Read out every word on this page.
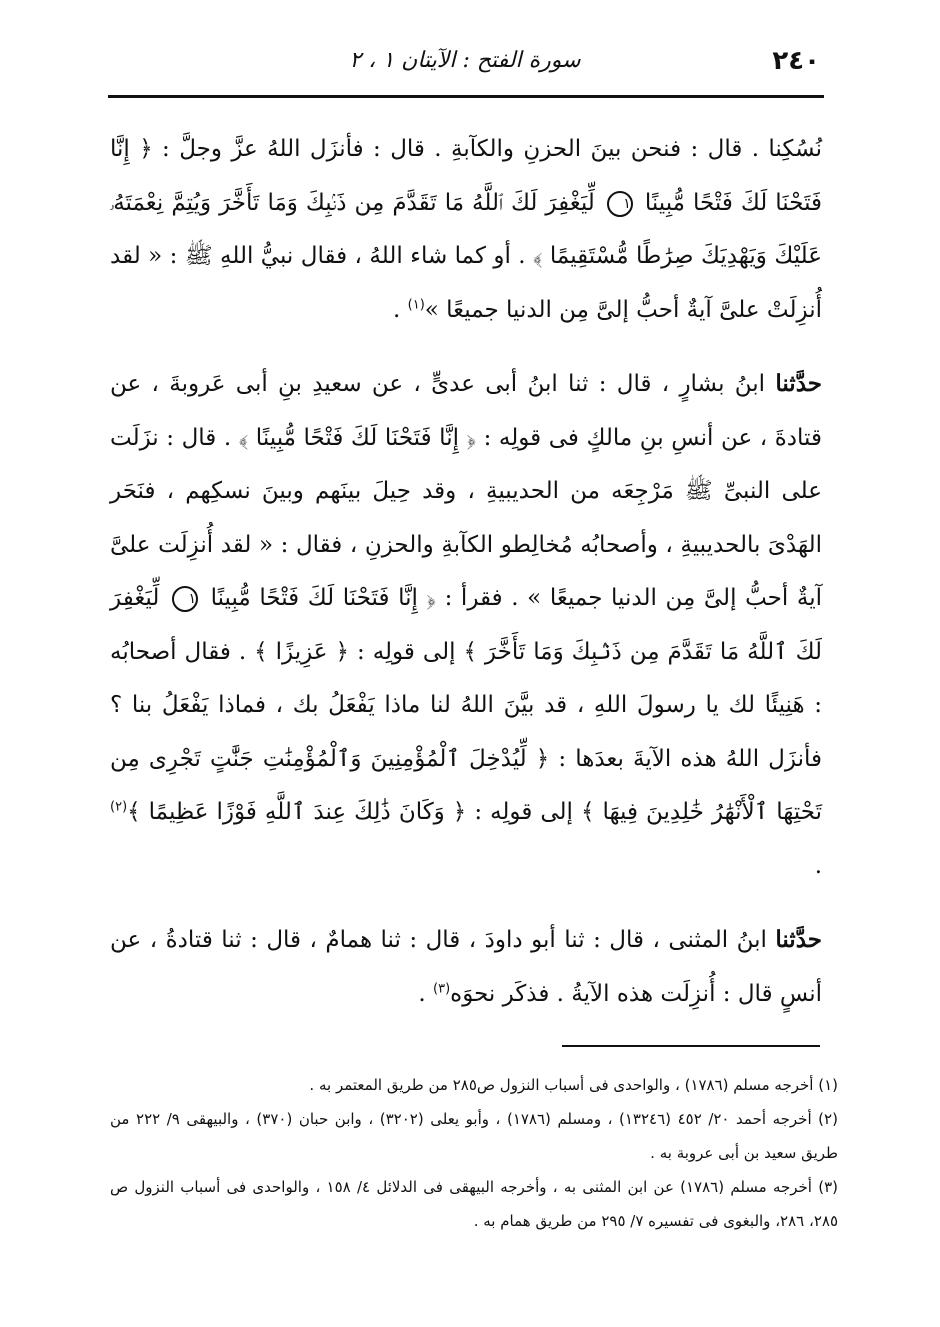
٢٤٠
سورة الفتح : الآيتان ١ ، ٢

نُسُكِنا . قال : فنحن بينَ الحزنِ والكآبةِ . قال : فأنزَل اللهُ عزَّ وجلَّ : ﴿ إِنَّا فَتَحْنَا لَكَ فَتْحًا مُّبِينًا ١ لِّيَغْفِرَ لَكَ ٱللَّهُ مَا تَقَدَّمَ مِن ذَنۢبِكَ وَمَا تَأَخَّرَ وَيُتِمَّ نِعْمَتَهُۥ عَلَيْكَ وَيَهْدِيَكَ صِرَٰطًا مُّسْتَقِيمًا ﴾ . أو كما شاء اللهُ ، فقال نبيُّ اللهِ ﷺ : « لقد أُنزِلَتْ علىَّ آيةٌ أحبُّ إلىَّ مِن الدنيا جميعًا »$^{(١)}$ .

حدَّثنا ابنُ بشارٍ ، قال : ثنا ابنُ أبى عدىٍّ ، عن سعيدِ بنِ أبى عَروبةَ ، عن قتادةَ ، عن أنسِ بنِ مالكٍ فى قولِه : ﴿ إِنَّا فَتَحْنَا لَكَ فَتْحًا مُّبِينًا ﴾ . قال : نزَلَت على النبىِّ ﷺ مَرْجِعَه من الحديبيةِ ، وقد حِيلَ بينَهم وبينَ نسكِهم ، فنَحَر الهَدْىَ بالحديبيةِ ، وأصحابُه مُخالِطو الكآبةِ والحزنِ ، فقال : « لقد أُنزِلَت علىَّ آيةٌ أحبُّ إلىَّ مِن الدنيا جميعًا » . فقرأ : ﴿ إِنَّا فَتَحْنَا لَكَ فَتْحًا مُّبِينًا ١ لِّيَغْفِرَ لَكَ ٱللَّهُ مَا تَقَدَّمَ مِن ذَنۢبِكَ وَمَا تَأَخَّرَ ﴾ إلى قولِه : ﴿ عَزِيزًا ﴾ . فقال أصحابُه : هَنِيئًا لك يا رسولَ اللهِ ، قد بيَّنَ اللهُ لنا ماذا يَفْعَلُ بك ، فماذا يَفْعَلُ بنا ؟ فأنزَل اللهُ هذه الآيةَ بعدَها : ﴿ لِّيُدْخِلَ ٱلْمُؤْمِنِينَ وَٱلْمُؤْمِنَٰتِ جَنَّٰتٍ تَجْرِى مِن تَحْتِهَا ٱلْأَنْهَٰرُ خَٰلِدِينَ فِيهَا ﴾ إلى قولِه : ﴿ وَكَانَ ذَٰلِكَ عِندَ ٱللَّهِ فَوْزًا عَظِيمًا ﴾$^{(٢)}$ .

حدَّثنا ابنُ المثنى ، قال : ثنا أبو داودَ ، قال : ثنا همامٌ ، قال : ثنا قتادةُ ، عن أنسٍ قال : أُنزِلَت هذه الآيةُ . فذكَر نحوَه$^{(٣)}$ .

(١) أخرجه مسلم (١٧٨٦) ، والواحدى فى أسباب النزول ص٢٨٥ من طريق المعتمر به .

(٢) أخرجه أحمد ٢٠/ ٤٥٢ (١٣٢٤٦) ، ومسلم (١٧٨٦) ، وأبو يعلى (٣٢٠٢) ، وابن حبان (٣٧٠) ، والبيهقى ٩/ ٢٢٢ من طريق سعيد بن أبى عروبة به .

(٣) أخرجه مسلم (١٧٨٦) عن ابن المثنى به ، وأخرجه البيهقى فى الدلائل ٤/ ١٥٨ ، والواحدى فى أسباب النزول ص ٢٨٥، ٢٨٦، والبغوى فى تفسيره ٧/ ٢٩٥ من طريق همام به .
